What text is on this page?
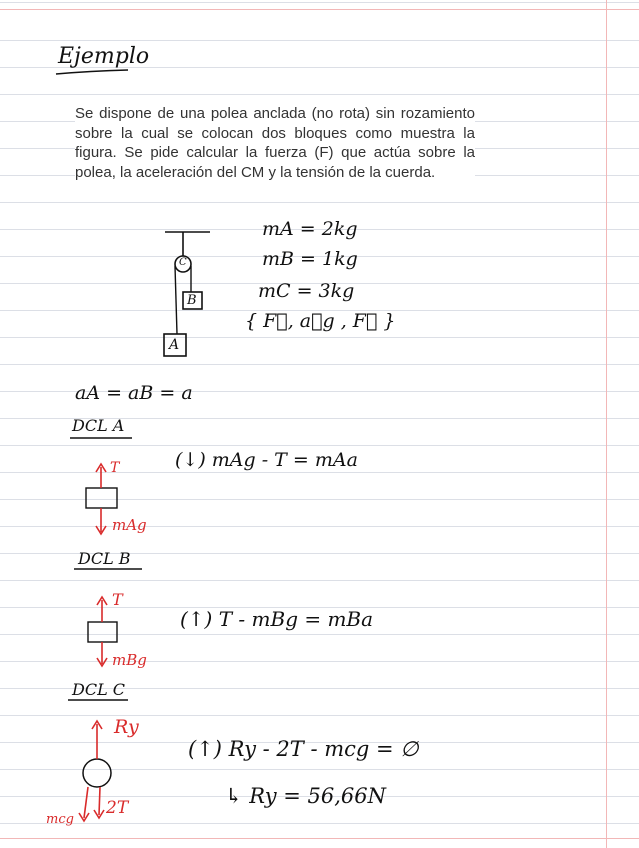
Ejemplo
Se dispone de una polea anclada (no rota) sin rozamiento sobre la cual se colocan dos bloques como muestra la figura. Se pide calcular la fuerza (F) que actúa sobre la polea, la aceleración del CM y la tensión de la cuerda.
C
B
A
mA = 2kg
mB = 1kg
mC = 3kg
{ F⃗, a⃗g , F⃗ }
aA = aB = a
DCL A
T
mAg
(↓) mAg - T = mAa
DCL B
T
mBg
(↑) T - mBg = mBa
DCL C
Ry
mcg
2T
(↑) Ry - 2T - mcg = ∅
↳ Ry = 56,66N
